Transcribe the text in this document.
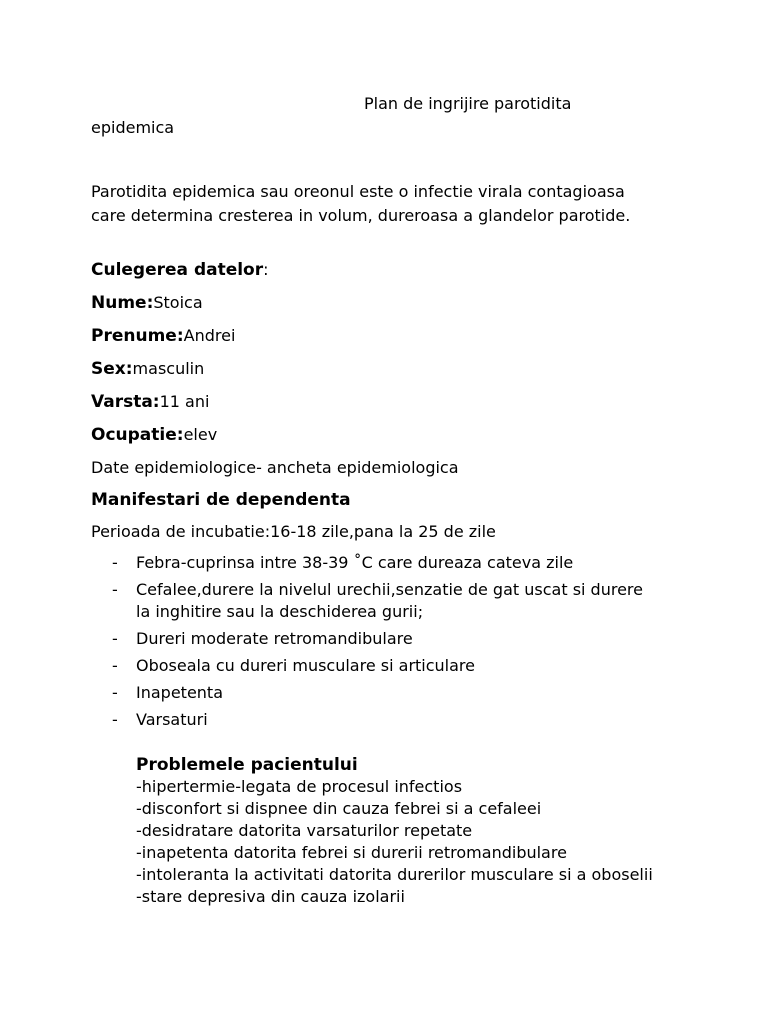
Plan de ingrijire parotidita
epidemica
Parotidita epidemica sau oreonul este o infectie virala contagioasa care determina cresterea in volum, dureroasa a glandelor parotide.
Culegerea datelor:
Nume:Stoica
Prenume:Andrei
Sex:masculin
Varsta:11 ani
Ocupatie:elev
Date epidemiologice- ancheta epidemiologica
Manifestari de dependenta
Perioada de incubatie:16-18 zile,pana la 25 de zile
- Febra-cuprinsa intre 38-39 ˚C care dureaza cateva zile
- Cefalee,durere la nivelul urechii,senzatie de gat uscat si durere la inghitire sau la deschiderea gurii;
- Dureri moderate retromandibulare
- Oboseala cu dureri musculare si articulare
- Inapetenta
- Varsaturi
Problemele pacientului
-hipertermie-legata de procesul infectios
-disconfort si dispnee din cauza febrei si a cefaleei
-desidratare datorita varsaturilor repetate
-inapetenta datorita febrei si durerii retromandibulare
-intoleranta la activitati datorita durerilor musculare si a oboselii
-stare depresiva din cauza izolarii
